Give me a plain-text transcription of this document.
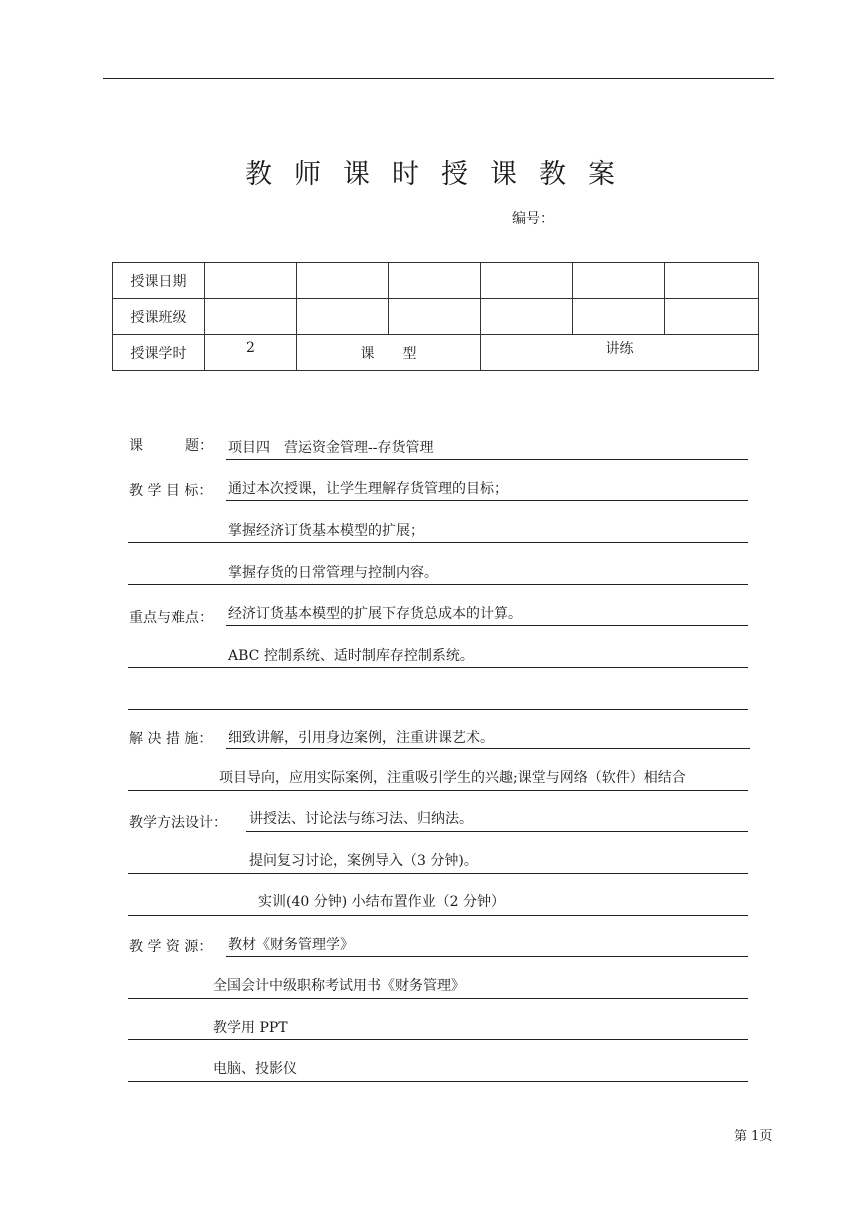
教师课时授课教案
编号：
授课日期						
授课班级						
授课学时	2	课　　型		讲练		
课　　　题： 项目四　营运资金管理--存货管理
教 学 目 标： 通过本次授课，让学生理解存货管理的目标；
掌握经济订货基本模型的扩展；
掌握存货的日常管理与控制内容。
重点与难点： 经济订货基本模型的扩展下存货总成本的计算。
ABC 控制系统、适时制库存控制系统。
解 决 措 施： 细致讲解，引用身边案例，注重讲课艺术。
项目导向，应用实际案例，注重吸引学生的兴趣;课堂与网络（软件）相结合
教学方法设计： 讲授法、讨论法与练习法、归纳法。
提问复习讨论，案例导入（3 分钟)。
实训(40 分钟) 小结布置作业（2 分钟）
教 学 资 源： 教材《财务管理学》
全国会计中级职称考试用书《财务管理》
教学用 PPT
电脑、投影仪
第 1页
